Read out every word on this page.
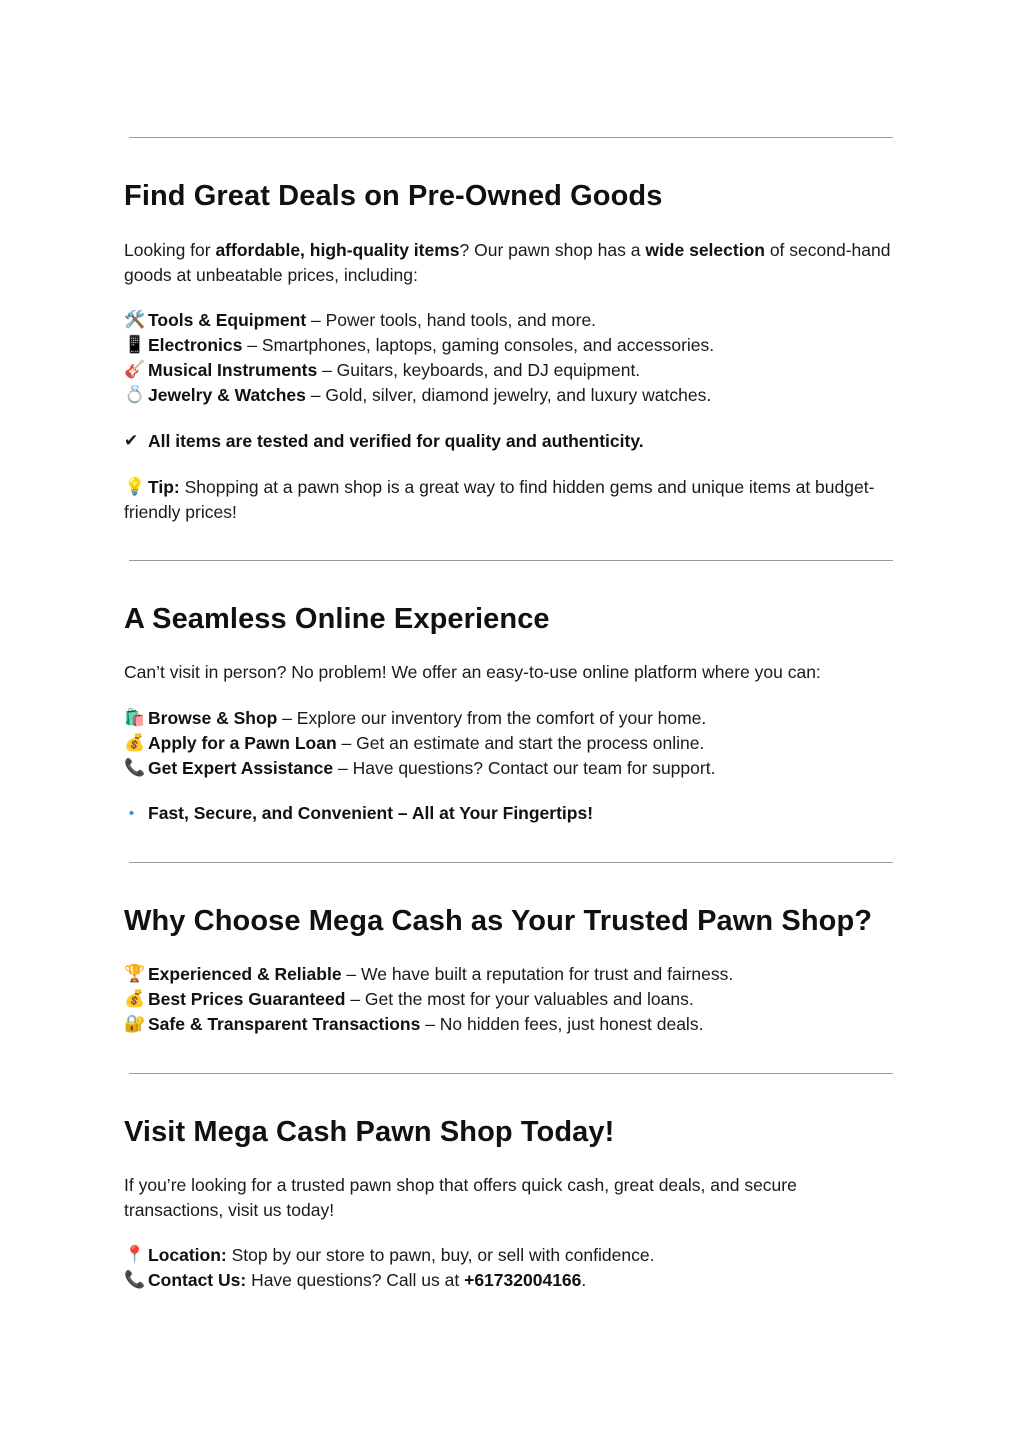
Find Great Deals on Pre-Owned Goods

Looking for affordable, high-quality items? Our pawn shop has a wide selection of second-hand goods at unbeatable prices, including:

🛠️ Tools & Equipment – Power tools, hand tools, and more.
📱 Electronics – Smartphones, laptops, gaming consoles, and accessories.
🎸 Musical Instruments – Guitars, keyboards, and DJ equipment.
💍 Jewelry & Watches – Gold, silver, diamond jewelry, and luxury watches.
✔ All items are tested and verified for quality and authenticity.

💡 Tip: Shopping at a pawn shop is a great way to find hidden gems and unique items at budget-friendly prices!

A Seamless Online Experience

Can’t visit in person? No problem! We offer an easy-to-use online platform where you can:

🛍️ Browse & Shop – Explore our inventory from the comfort of your home.
💰 Apply for a Pawn Loan – Get an estimate and start the process online.
📞 Get Expert Assistance – Have questions? Contact our team for support.
🔹 Fast, Secure, and Convenient – All at Your Fingertips!
Why Choose Mega Cash as Your Trusted Pawn Shop?
🏆 Experienced & Reliable – We have built a reputation for trust and fairness.
💰 Best Prices Guaranteed – Get the most for your valuables and loans.
🔐 Safe & Transparent Transactions – No hidden fees, just honest deals.
Visit Mega Cash Pawn Shop Today!

If you’re looking for a trusted pawn shop that offers quick cash, great deals, and secure transactions, visit us today!

📍 Location: Stop by our store to pawn, buy, or sell with confidence.
📞 Contact Us: Have questions? Call us at +61732004166.
